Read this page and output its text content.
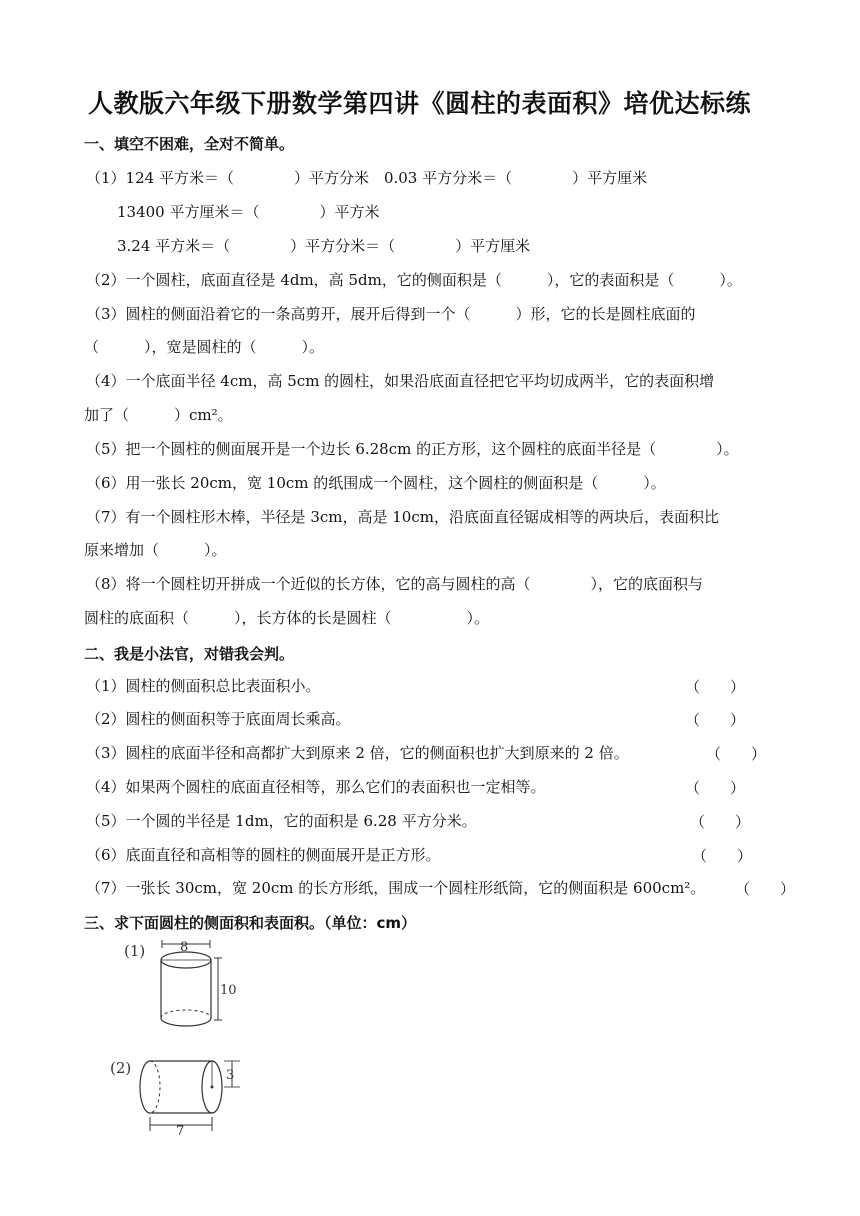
人教版六年级下册数学第四讲《圆柱的表面积》培优达标练
一、填空不困难，全对不简单。
（1）124 平方米＝（　　　　）平方分米　0.03 平方分米＝（　　　　）平方厘米
13400 平方厘米＝（　　　　）平方米
3.24 平方米＝（　　　　）平方分米＝（　　　　）平方厘米
（2）一个圆柱，底面直径是 4dm，高 5dm，它的侧面积是（　　　），它的表面积是（　　　）。
（3）圆柱的侧面沿着它的一条高剪开，展开后得到一个（　　　）形，它的长是圆柱底面的
（　　　），宽是圆柱的（　　　）。
（4）一个底面半径 4cm，高 5cm 的圆柱，如果沿底面直径把它平均切成两半，它的表面积增
加了（　　　）cm²。
（5）把一个圆柱的侧面展开是一个边长 6.28cm 的正方形，这个圆柱的底面半径是（　　　　）。
（6）用一张长 20cm，宽 10cm 的纸围成一个圆柱，这个圆柱的侧面积是（　　　）。
（7）有一个圆柱形木棒，半径是 3cm，高是 10cm，沿底面直径锯成相等的两块后，表面积比
原来增加（　　　）。
（8）将一个圆柱切开拼成一个近似的长方体，它的高与圆柱的高（　　　　），它的底面积与
圆柱的底面积（　　　），长方体的长是圆柱（　　　　　）。
二、我是小法官，对错我会判。
（1）圆柱的侧面积总比表面积小。	（　　）
（2）圆柱的侧面积等于底面周长乘高。	（　　）
（3）圆柱的底面半径和高都扩大到原来 2 倍，它的侧面积也扩大到原来的 2 倍。	（　　）
（4）如果两个圆柱的底面直径相等，那么它们的表面积也一定相等。	（　　）
（5）一个圆的半径是 1dm，它的面积是 6.28 平方分米。	（　　）
（6）底面直径和高相等的圆柱的侧面展开是正方形。	（　　）
（7）一张长 30cm，宽 20cm 的长方形纸，围成一个圆柱形纸筒，它的侧面积是 600cm²。 （　　）
三、求下面圆柱的侧面积和表面积。（单位：cm）
(1)	8
10
(2)	3
7
